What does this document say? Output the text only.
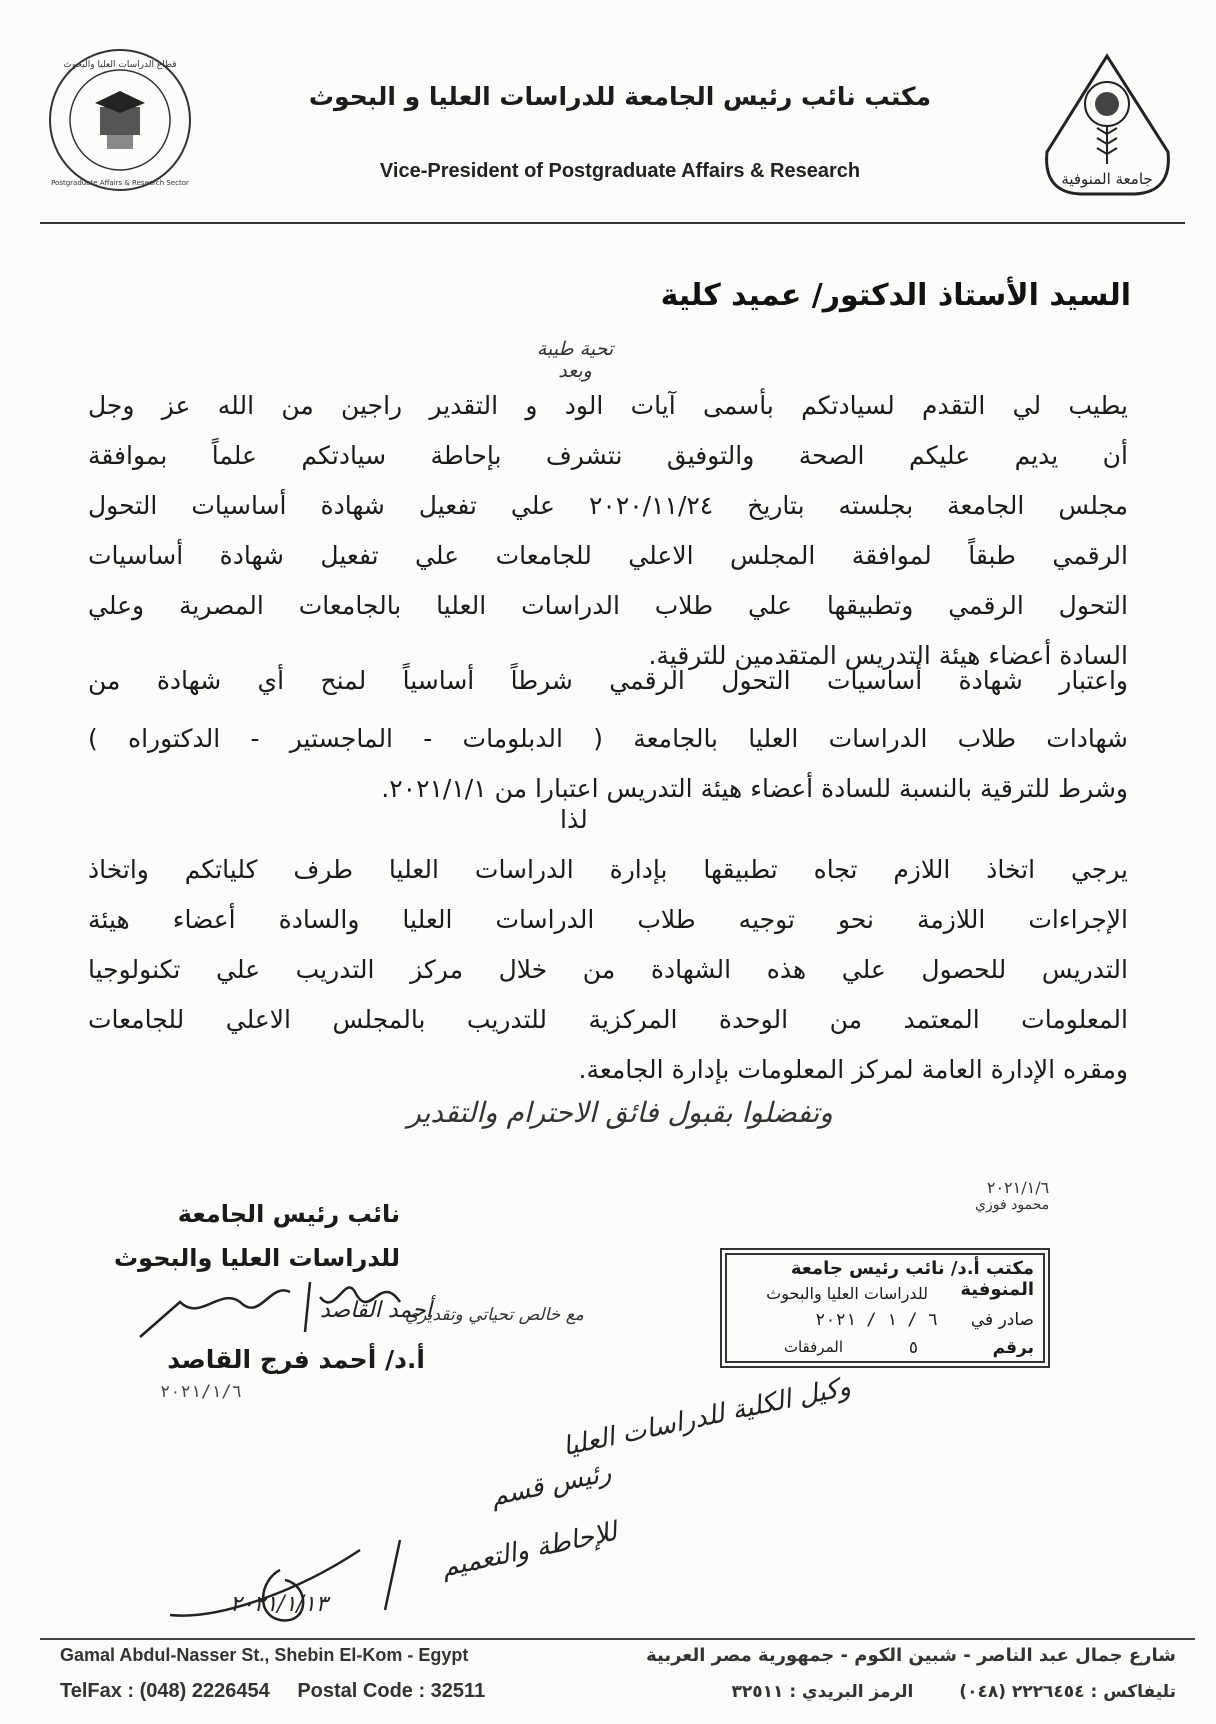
قطاع الدراسات العليا والبحوث
Postgraduate Affairs & Research Sector
مكتب نائب رئيس الجامعة للدراسات العليا و البحوث
Vice-President of Postgraduate Affairs & Research	جامعة المنوفية
السيد الأستاذ الدكتور/ عميد كلية
تحية طيبة وبعد
يطيب لي التقدم لسيادتكم بأسمى آيات الود و التقدير راجين من الله عز وجل
أن يديم عليكم الصحة والتوفيق نتشرف بإحاطة سيادتكم علماً بموافقة
مجلس الجامعة بجلسته بتاريخ ٢٠٢٠/١١/٢٤ علي تفعيل شهادة أساسيات التحول
الرقمي طبقاً لموافقة المجلس الاعلي للجامعات علي تفعيل شهادة أساسيات
التحول الرقمي وتطبيقها علي طلاب الدراسات العليا بالجامعات المصرية وعلي
السادة أعضاء هيئة التدريس المتقدمين للترقية.
واعتبار شهادة أساسيات التحول الرقمي شرطاً أساسياً لمنح أي شهادة من
شهادات طلاب الدراسات العليا بالجامعة ( الدبلومات - الماجستير - الدكتوراه )
وشرط للترقية بالنسبة للسادة أعضاء هيئة التدريس اعتبارا من ٢٠٢١/١/١.
لذا
يرجي اتخاذ اللازم تجاه تطبيقها بإدارة الدراسات العليا طرف كلياتكم واتخاذ
الإجراءات اللازمة نحو توجيه طلاب الدراسات العليا والسادة أعضاء هيئة
التدريس للحصول علي هذه الشهادة من خلال مركز التدريب علي تكنولوجيا
المعلومات المعتمد من الوحدة المركزية للتدريب بالمجلس الاعلي للجامعات
ومقره الإدارة العامة لمركز المعلومات بإدارة الجامعة.
وتفضلوا بقبول فائق الاحترام والتقدير
٢٠٢١/١/٦
محمود فوزي
نائب رئيس الجامعة
للدراسات العليا والبحوث
مع خالص تحياتي وتقديري
أحمد القاصد
أ.د/ أحمد فرج القاصد
٢٠٢١/١/٦
مكتب أ.د/ نائب رئيس جامعة المنوفية
للدراسات العليا والبحوث
صادر في
٦ / ١ / ٢٠٢١
برقم
٥
المرفقات
وكيل الكلية للدراسات العليا
رئيس قسم
للإحاطة والتعميم
٢٠٢١/١/١٣
Gamal Abdul-Nasser St., Shebin El-Kom - Egypt
TelFax : (048) 2226454 Postal Code : 32511
شارع جمال عبد الناصر - شبين الكوم - جمهورية مصر العربية
تليفاكس : ٢٢٢٦٤٥٤ (٠٤٨) الرمز البريدي : ٣٢٥١١
